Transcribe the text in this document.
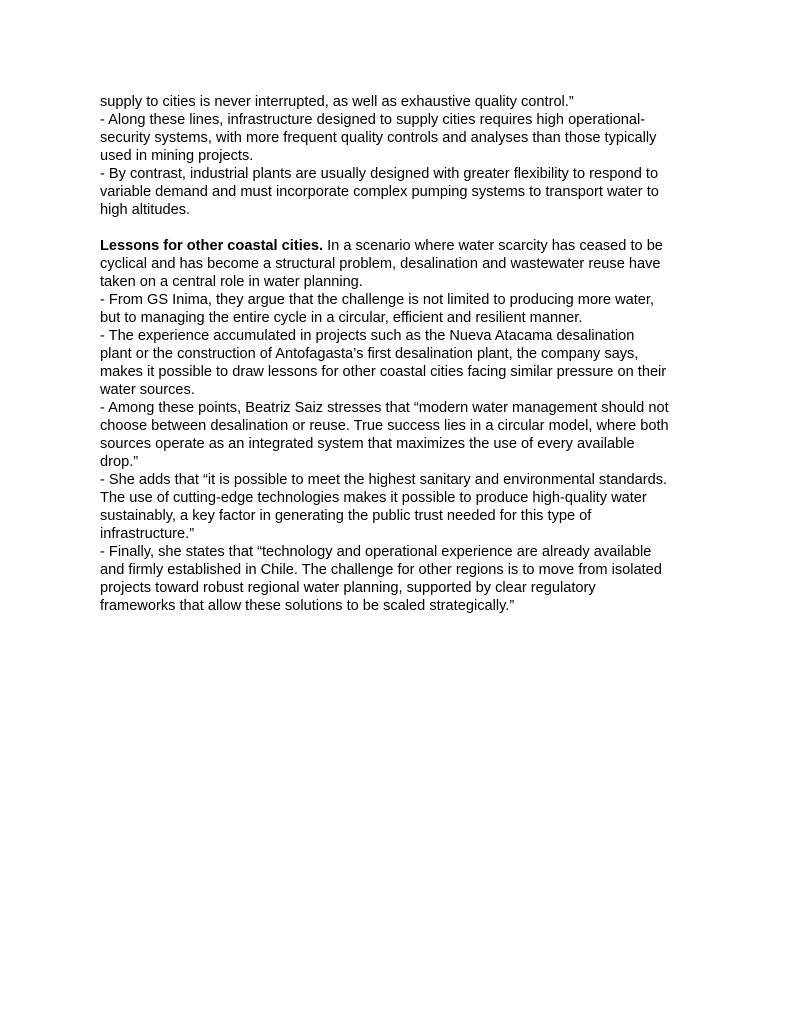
supply to cities is never interrupted, as well as exhaustive quality control.”
- Along these lines, infrastructure designed to supply cities requires high operational-
security systems, with more frequent quality controls and analyses than those typically
used in mining projects.
- By contrast, industrial plants are usually designed with greater flexibility to respond to
variable demand and must incorporate complex pumping systems to transport water to
high altitudes.
Lessons for other coastal cities. In a scenario where water scarcity has ceased to be
cyclical and has become a structural problem, desalination and wastewater reuse have
taken on a central role in water planning.
- From GS Inima, they argue that the challenge is not limited to producing more water,
but to managing the entire cycle in a circular, efficient and resilient manner.
- The experience accumulated in projects such as the Nueva Atacama desalination
plant or the construction of Antofagasta’s first desalination plant, the company says,
makes it possible to draw lessons for other coastal cities facing similar pressure on their
water sources.
- Among these points, Beatriz Saiz stresses that “modern water management should not
choose between desalination or reuse. True success lies in a circular model, where both
sources operate as an integrated system that maximizes the use of every available
drop.”
- She adds that “it is possible to meet the highest sanitary and environmental standards.
The use of cutting-edge technologies makes it possible to produce high-quality water
sustainably, a key factor in generating the public trust needed for this type of
infrastructure.”
- Finally, she states that “technology and operational experience are already available
and firmly established in Chile. The challenge for other regions is to move from isolated
projects toward robust regional water planning, supported by clear regulatory
frameworks that allow these solutions to be scaled strategically.”
